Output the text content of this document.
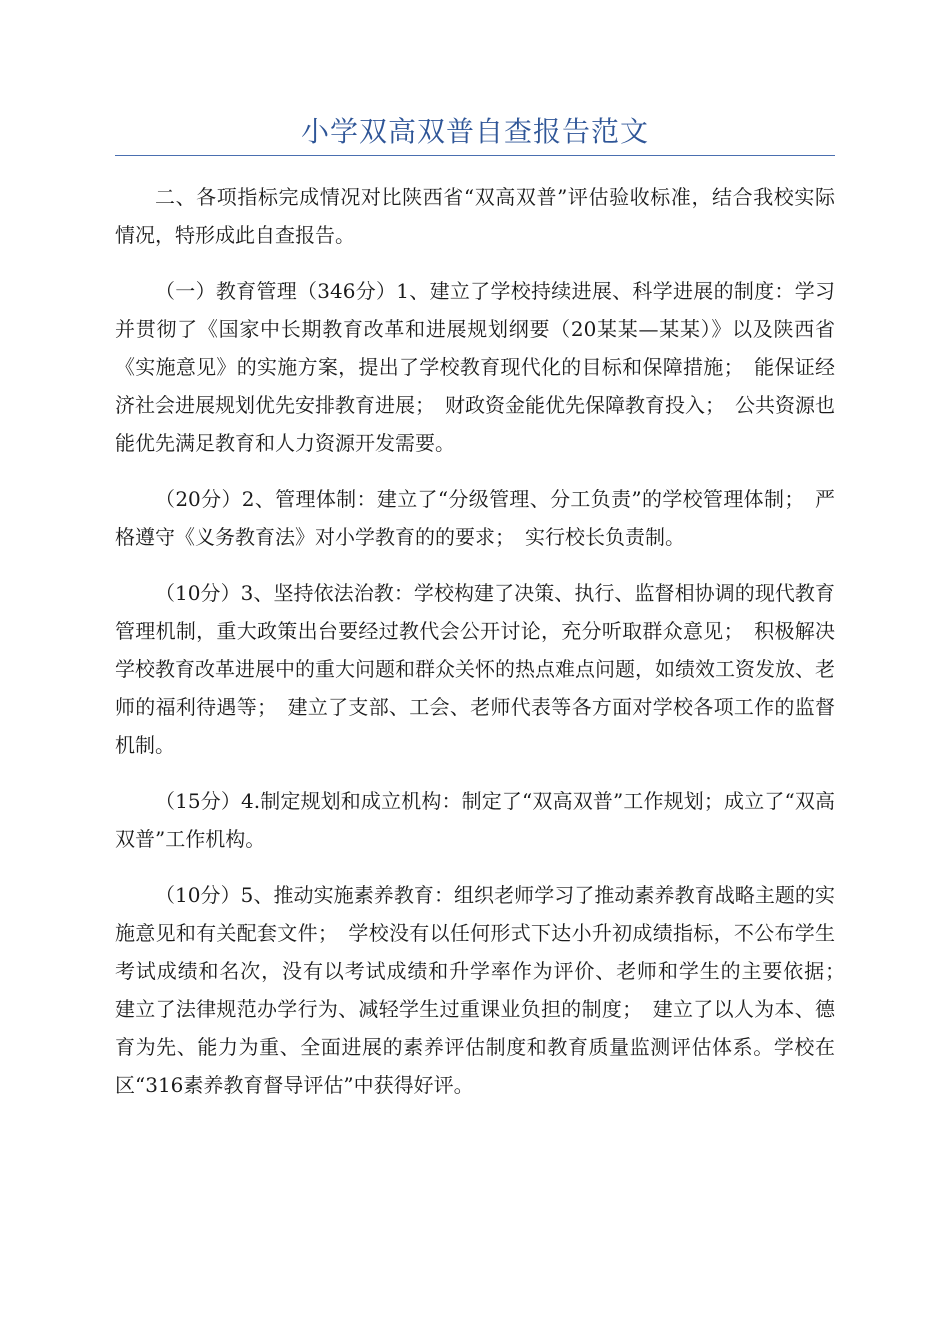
小学双高双普自查报告范文

二、各项指标完成情况对比陕西省“双高双普”评估验收标准，结合我校实际情况，特形成此自查报告。

（一）教育管理（346分）1、建立了学校持续进展、科学进展的制度：学习并贯彻了《国家中长期教育改革和进展规划纲要（20某某—某某）》以及陕西省《实施意见》的实施方案，提出了学校教育现代化的目标和保障措施；　能保证经济社会进展规划优先安排教育进展；　财政资金能优先保障教育投入；　公共资源也能优先满足教育和人力资源开发需要。

（20分）2、管理体制：建立了“分级管理、分工负责”的学校管理体制；　严格遵守《义务教育法》对小学教育的的要求；　实行校长负责制。

（10分）3、坚持依法治教：学校构建了决策、执行、监督相协调的现代教育管理机制，重大政策出台要经过教代会公开讨论，充分听取群众意见；　积极解决学校教育改革进展中的重大问题和群众关怀的热点难点问题，如绩效工资发放、老师的福利待遇等；　建立了支部、工会、老师代表等各方面对学校各项工作的监督机制。

（15分）4.制定规划和成立机构：制定了“双高双普”工作规划；成立了“双高双普”工作机构。

（10分）5、推动实施素养教育：组织老师学习了推动素养教育战略主题的实施意见和有关配套文件；　学校没有以任何形式下达小升初成绩指标，不公布学生考试成绩和名次，没有以考试成绩和升学率作为评价、老师和学生的主要依据；　建立了法律规范办学行为、减轻学生过重课业负担的制度；　建立了以人为本、德育为先、能力为重、全面进展的素养评估制度和教育质量监测评估体系。学校在区“316素养教育督导评估”中获得好评。
